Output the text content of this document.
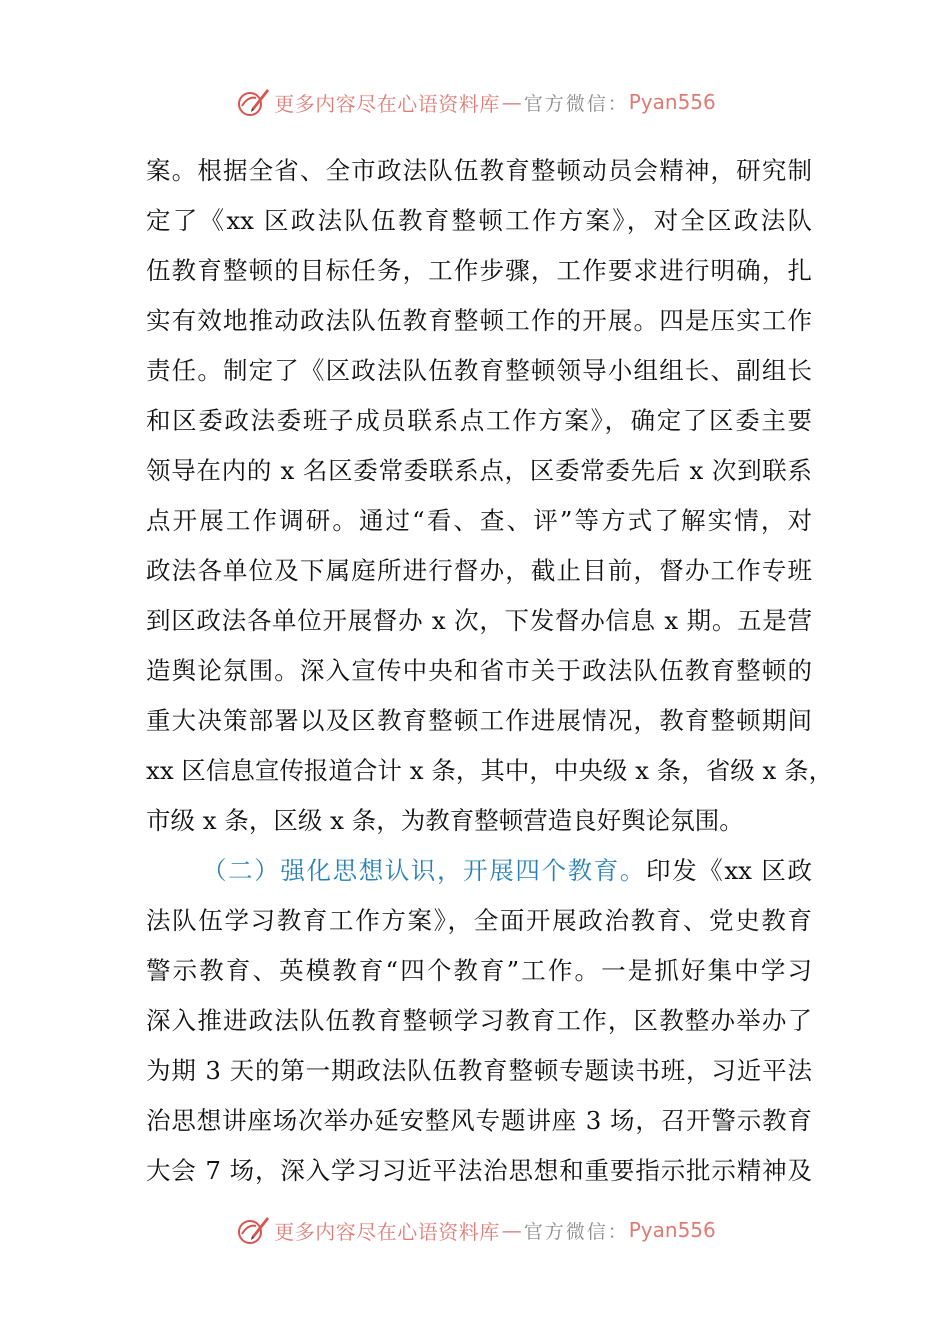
更多内容尽在心语资料库 — 官方微信： Pyan556
案。根据全省、全市政法队伍教育整顿动员会精神，研究制
定了《xx 区政法队伍教育整顿工作方案》，对全区政法队
伍教育整顿的目标任务，工作步骤，工作要求进行明确，扎
实有效地推动政法队伍教育整顿工作的开展。四是压实工作
责任。制定了《区政法队伍教育整顿领导小组组长、副组长
和区委政法委班子成员联系点工作方案》，确定了区委主要
领导在内的 x 名区委常委联系点，区委常委先后 x 次到联系
点开展工作调研。通过“看、查、评”等方式了解实情，对
政法各单位及下属庭所进行督办，截止目前，督办工作专班
到区政法各单位开展督办 x 次，下发督办信息 x 期。五是营
造舆论氛围。深入宣传中央和省市关于政法队伍教育整顿的
重大决策部署以及区教育整顿工作进展情况，教育整顿期间
xx 区信息宣传报道合计 x 条，其中，中央级 x 条，省级 x 条，
市级 x 条，区级 x 条，为教育整顿营造良好舆论氛围。
（二）强化思想认识，开展四个教育。印发《xx 区政
法队伍学习教育工作方案》，全面开展政治教育、党史教育
警示教育、英模教育“四个教育”工作。一是抓好集中学习
深入推进政法队伍教育整顿学习教育工作，区教整办举办了
为期 3 天的第一期政法队伍教育整顿专题读书班，习近平法
治思想讲座场次举办延安整风专题讲座 3 场，召开警示教育
大会 7 场，深入学习习近平法治思想和重要指示批示精神及
更多内容尽在心语资料库 — 官方微信： Pyan556
